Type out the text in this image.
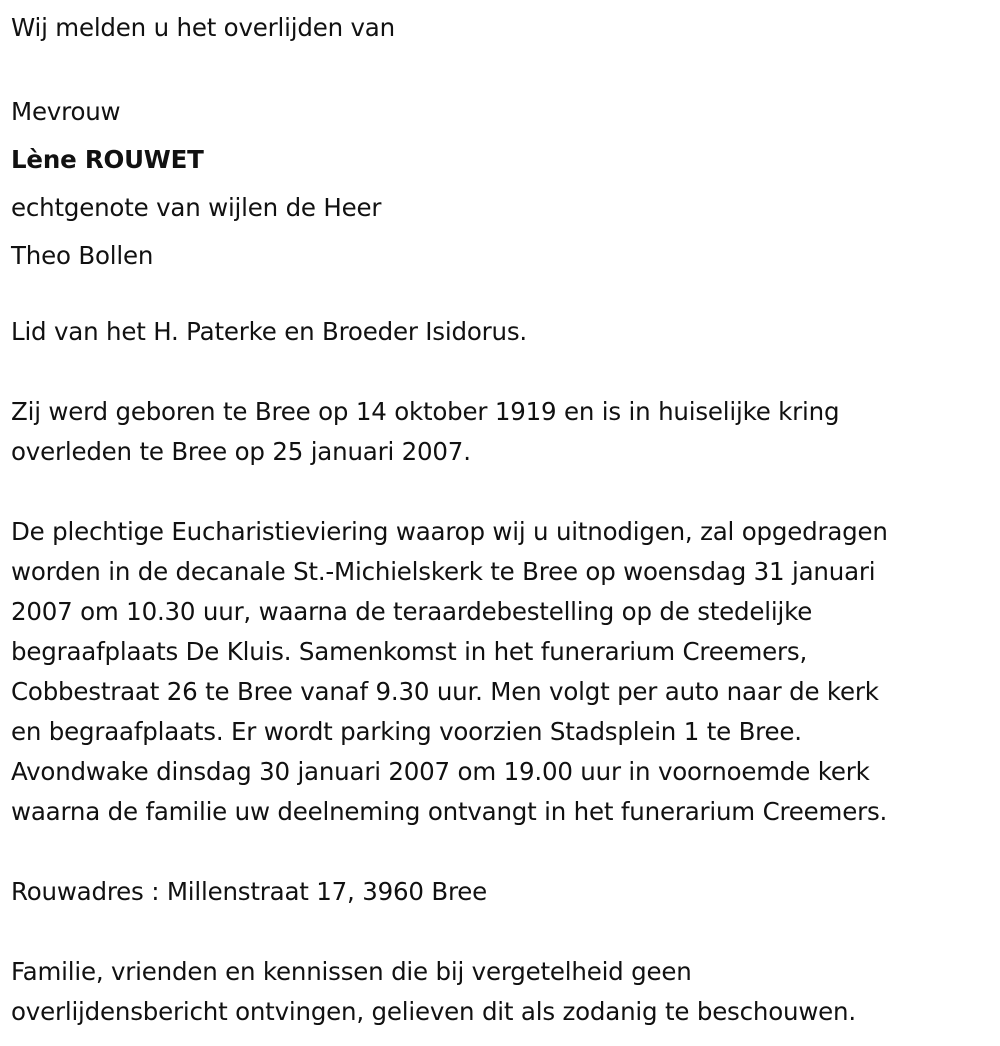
Wij melden u het overlijden van

Mevrouw

Lène ROUWET

echtgenote van wijlen de Heer

Theo Bollen

Lid van het H. Paterke en Broeder Isidorus.

Zij werd geboren te Bree op 14 oktober 1919 en is in huiselijke kring

overleden te Bree op 25 januari 2007.

De plechtige Eucharistieviering waarop wij u uitnodigen, zal opgedragen

worden in de decanale St.-Michielskerk te Bree op woensdag 31 januari

2007 om 10.30 uur, waarna de teraardebestelling op de stedelijke

begraafplaats De Kluis. Samenkomst in het funerarium Creemers,

Cobbestraat 26 te Bree vanaf 9.30 uur. Men volgt per auto naar de kerk

en begraafplaats. Er wordt parking voorzien Stadsplein 1 te Bree.

Avondwake dinsdag 30 januari 2007 om 19.00 uur in voornoemde kerk

waarna de familie uw deelneming ontvangt in het funerarium Creemers.

Rouwadres : Millenstraat 17, 3960 Bree

Familie, vrienden en kennissen die bij vergetelheid geen

overlijdensbericht ontvingen, gelieven dit als zodanig te beschouwen.
